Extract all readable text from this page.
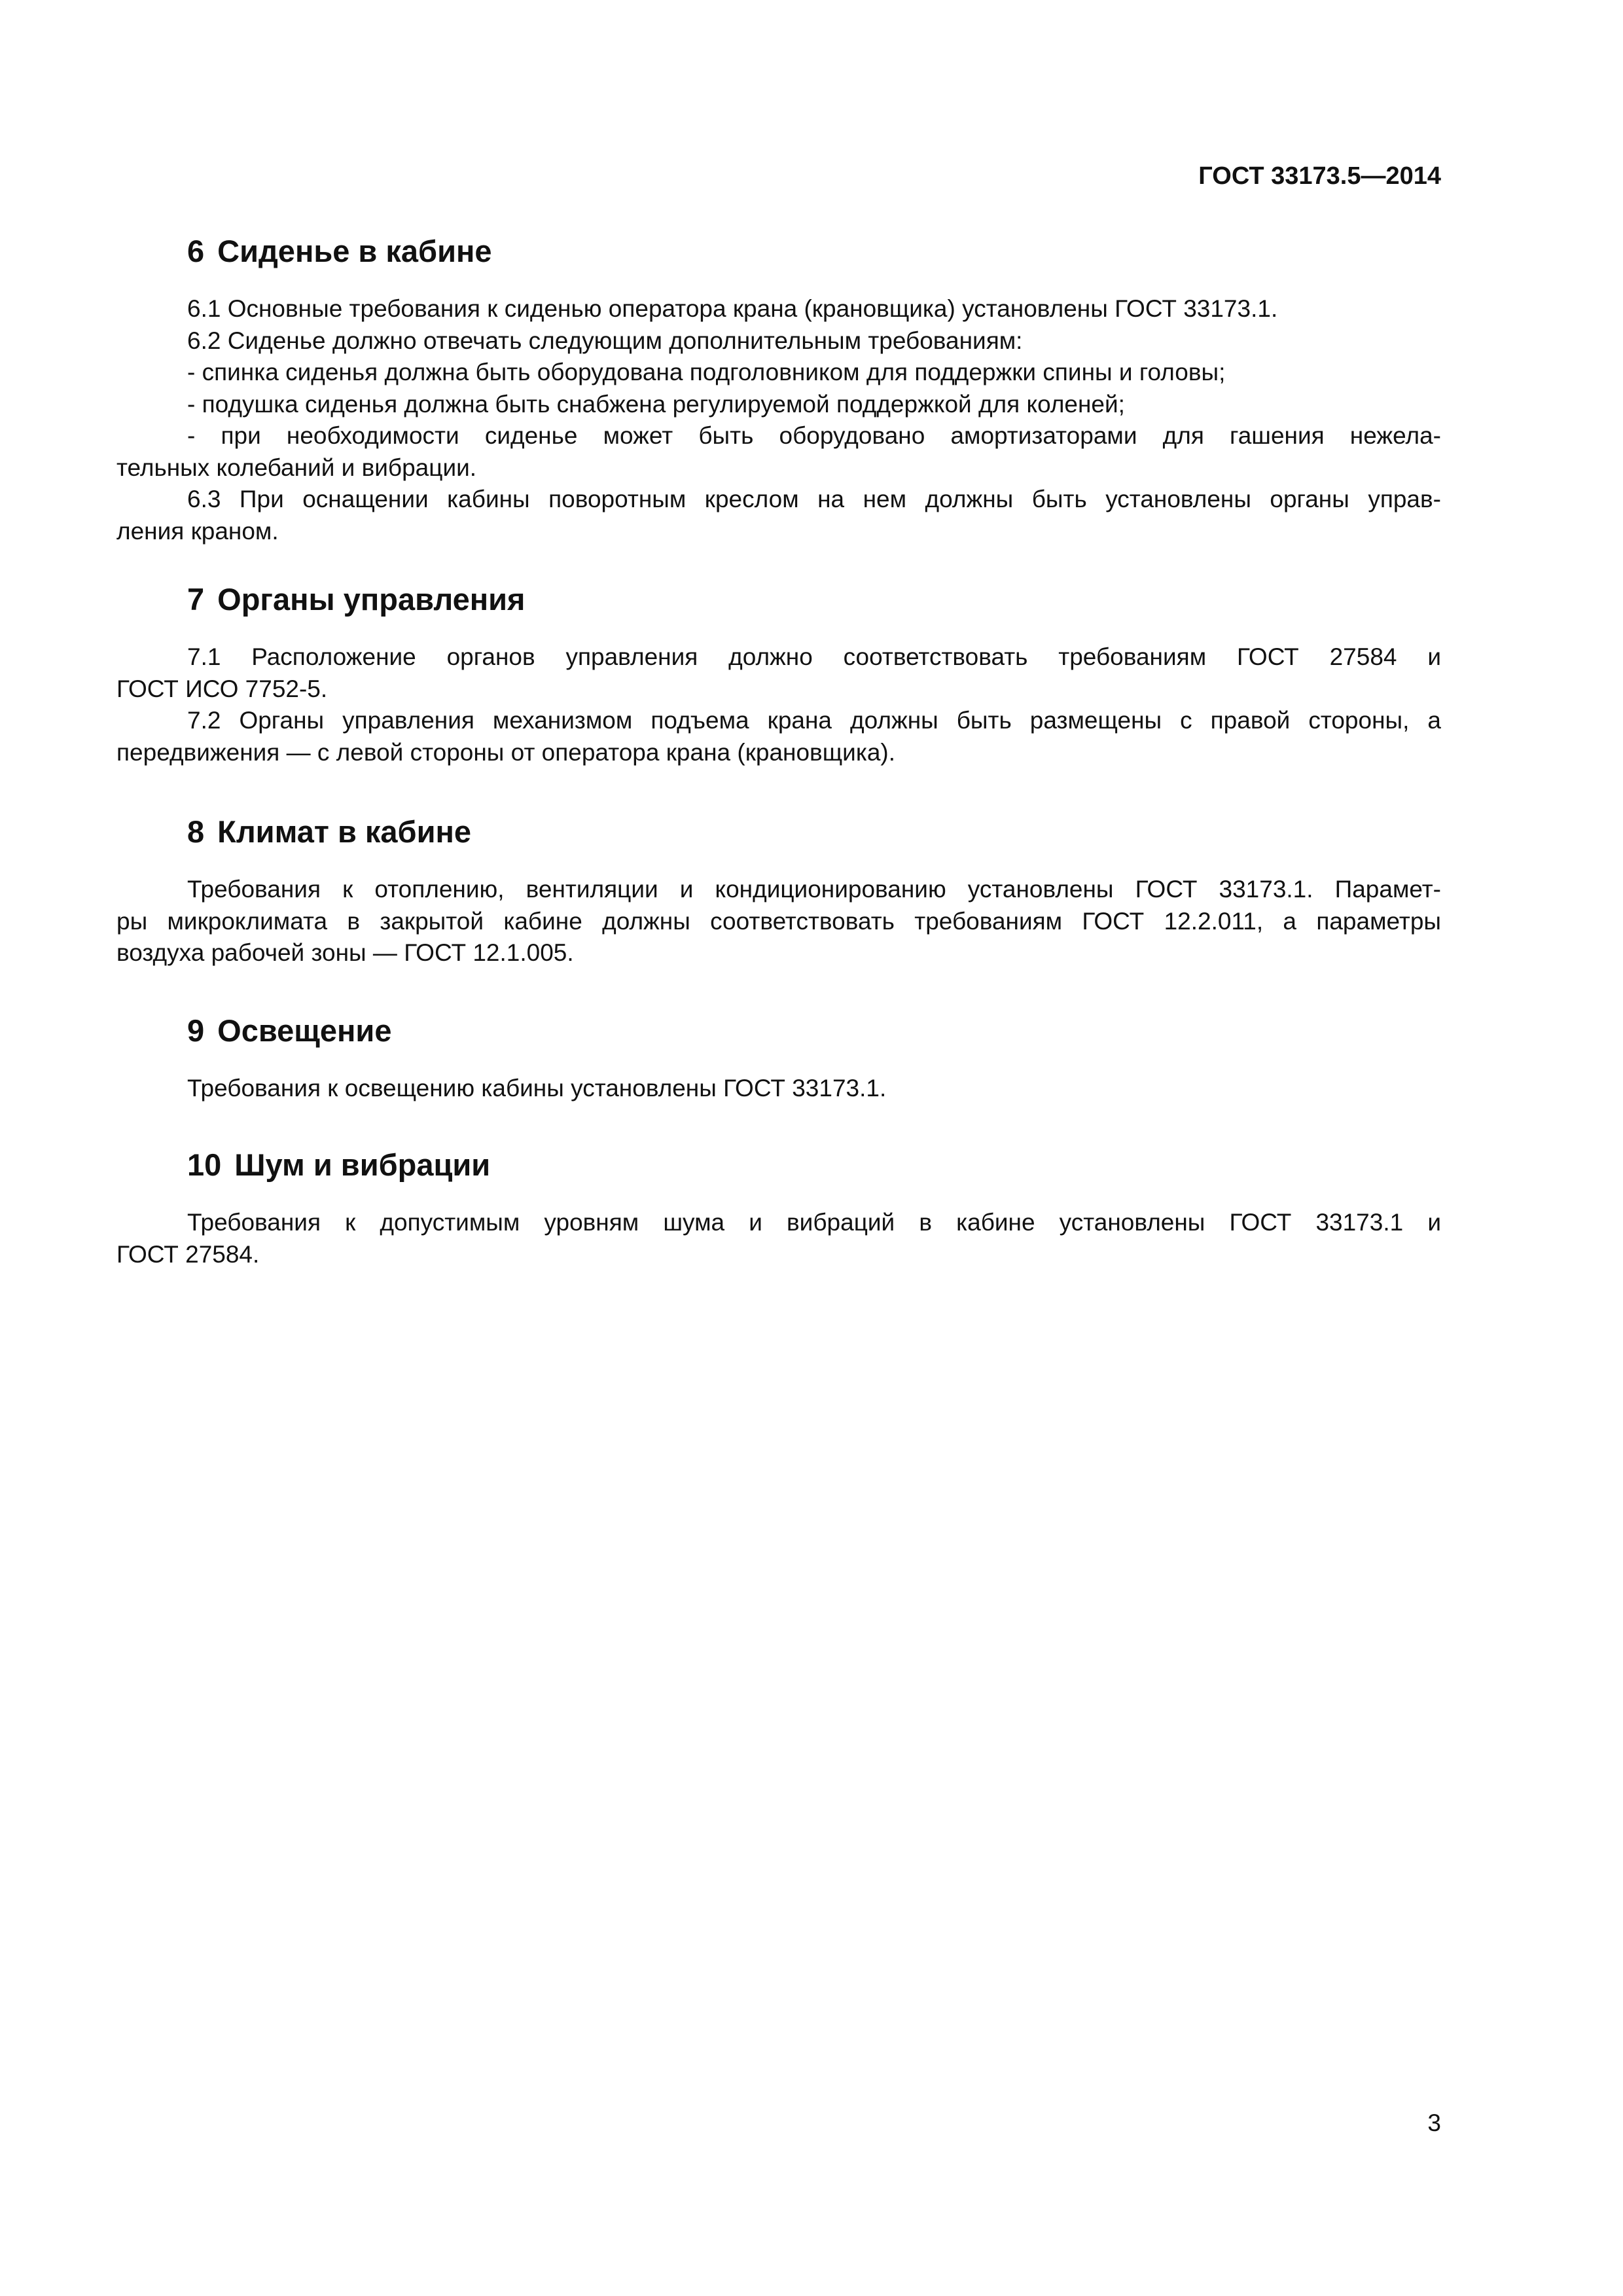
ГОСТ 33173.5—2014
6 Сиденье в кабине
6.1 Основные требования к сиденью оператора крана (крановщика) установлены ГОСТ 33173.1.
6.2 Сиденье должно отвечать следующим дополнительным требованиям:
- спинка сиденья должна быть оборудована подголовником для поддержки спины и головы;
- подушка сиденья должна быть снабжена регулируемой поддержкой для коленей;
- при необходимости сиденье может быть оборудовано амортизаторами для гашения нежела-
тельных колебаний и вибрации.
6.3 При оснащении кабины поворотным креслом на нем должны быть установлены органы управ-
ления краном.
7 Органы управления
7.1 Расположение органов управления должно соответствовать требованиям ГОСТ 27584 и
ГОСТ ИСО 7752-5.
7.2 Органы управления механизмом подъема крана должны быть размещены с правой стороны, а
передвижения — с левой стороны от оператора крана (крановщика).
8 Климат в кабине
Требования к отоплению, вентиляции и кондиционированию установлены ГОСТ 33173.1. Парамет-
ры микроклимата в закрытой кабине должны соответствовать требованиям ГОСТ 12.2.011, а параметры
воздуха рабочей зоны — ГОСТ 12.1.005.
9 Освещение
Требования к освещению кабины установлены ГОСТ 33173.1.
10 Шум и вибрации
Требования к допустимым уровням шума и вибраций в кабине установлены ГОСТ 33173.1 и
ГОСТ 27584.
3
